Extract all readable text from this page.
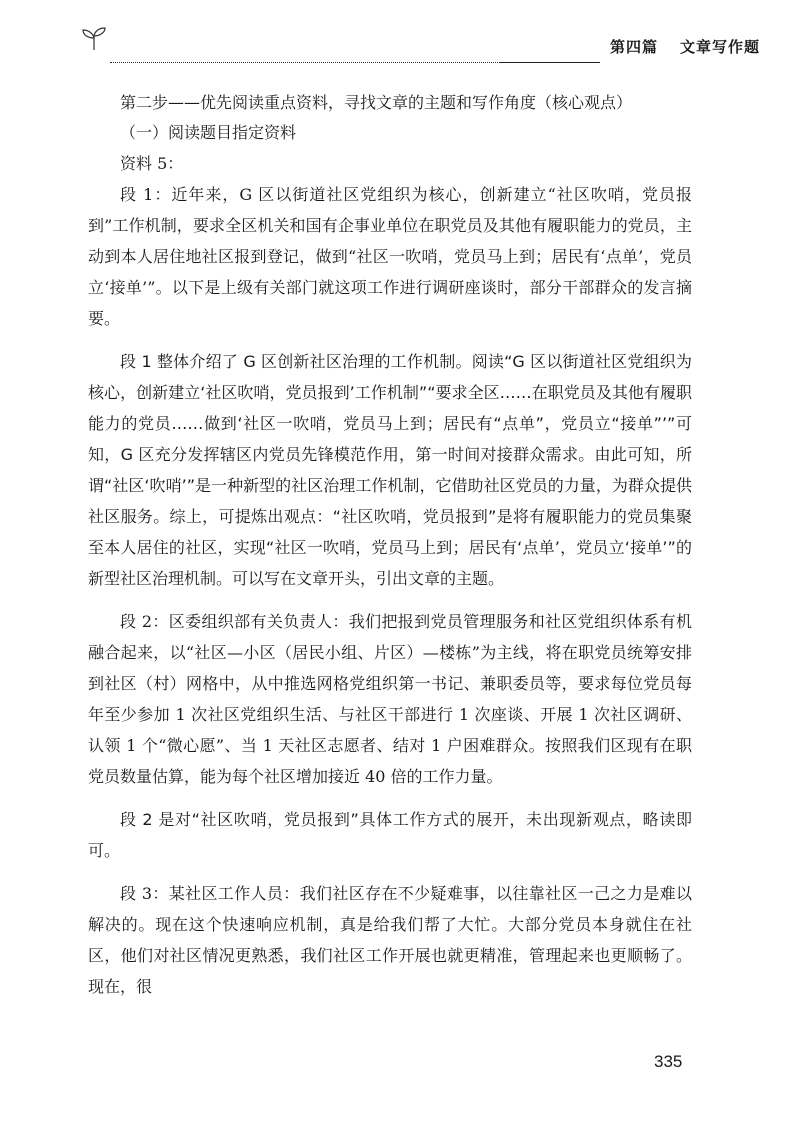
第四篇 文章写作题

第二步——优先阅读重点资料，寻找文章的主题和写作角度（核心观点）

（一）阅读题目指定资料

资料 5：

段 1：近年来，G 区以街道社区党组织为核心，创新建立“社区吹哨，党员报到”工作机制，要求全区机关和国有企事业单位在职党员及其他有履职能力的党员，主动到本人居住地社区报到登记，做到“社区一吹哨，党员马上到；居民有‘点单’，党员立‘接单’”。以下是上级有关部门就这项工作进行调研座谈时，部分干部群众的发言摘要。

段 1 整体介绍了 G 区创新社区治理的工作机制。阅读“G 区以街道社区党组织为核心，创新建立‘社区吹哨，党员报到’工作机制”“要求全区……在职党员及其他有履职能力的党员……做到‘社区一吹哨，党员马上到；居民有“点单”，党员立“接单”’”可知，G 区充分发挥辖区内党员先锋模范作用，第一时间对接群众需求。由此可知，所谓“社区‘吹哨’”是一种新型的社区治理工作机制，它借助社区党员的力量，为群众提供社区服务。综上，可提炼出观点：“社区吹哨，党员报到”是将有履职能力的党员集聚至本人居住的社区，实现“社区一吹哨，党员马上到；居民有‘点单’，党员立‘接单’”的新型社区治理机制。可以写在文章开头，引出文章的主题。

段 2：区委组织部有关负责人：我们把报到党员管理服务和社区党组织体系有机融合起来，以“社区—小区（居民小组、片区）—楼栋”为主线，将在职党员统筹安排到社区（村）网格中，从中推选网格党组织第一书记、兼职委员等，要求每位党员每年至少参加 1 次社区党组织生活、与社区干部进行 1 次座谈、开展 1 次社区调研、认领 1 个“微心愿”、当 1 天社区志愿者、结对 1 户困难群众。按照我们区现有在职党员数量估算，能为每个社区增加接近 40 倍的工作力量。

段 2 是对“社区吹哨，党员报到”具体工作方式的展开，未出现新观点，略读即可。

段 3：某社区工作人员：我们社区存在不少疑难事，以往靠社区一己之力是难以解决的。现在这个快速响应机制，真是给我们帮了大忙。大部分党员本身就住在社区，他们对社区情况更熟悉，我们社区工作开展也就更精准，管理起来也更顺畅了。现在，很

335
